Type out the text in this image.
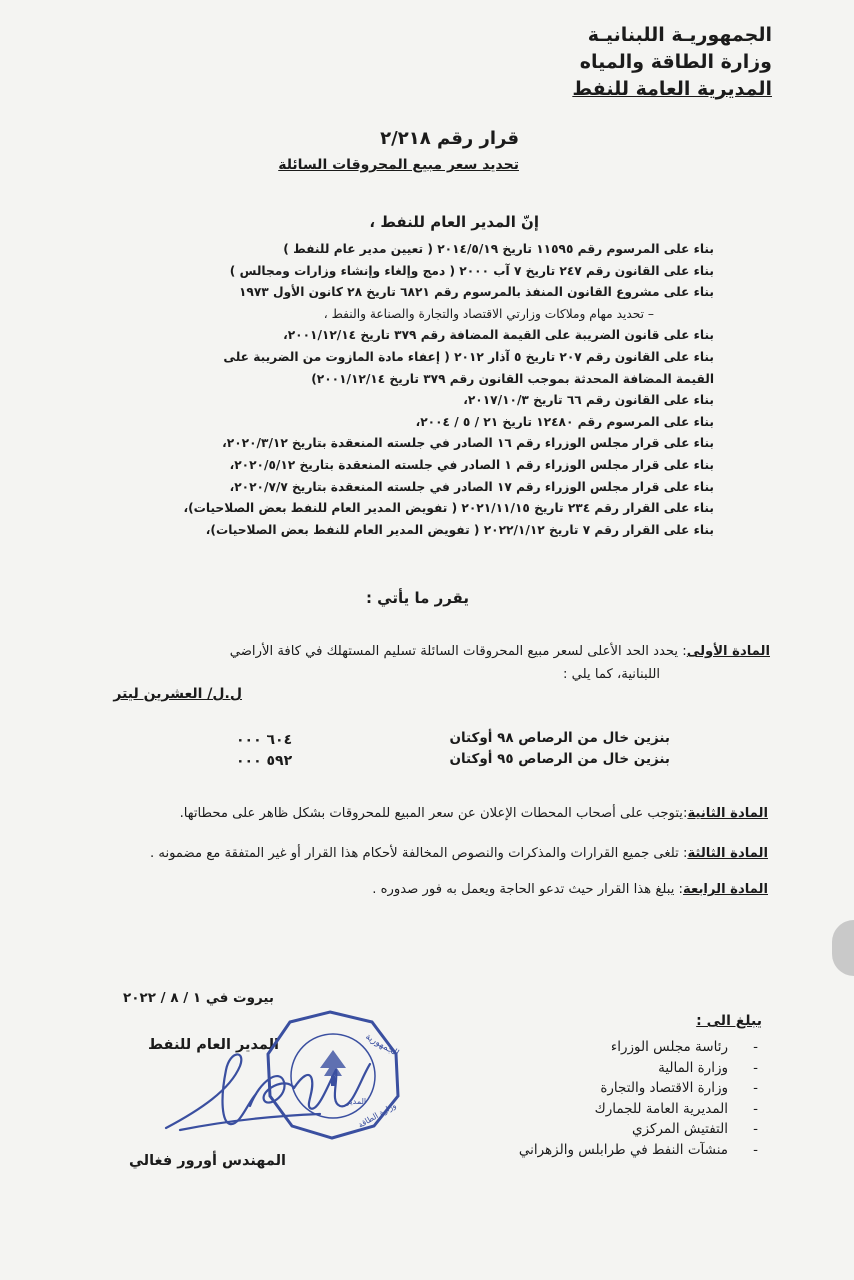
الجمهوريـة اللبنانيـة
وزارة الطاقة والمياه
المديرية العامة للنفط
قرار رقم ٢/٢١٨
تحديد سعر مبيع المحروقات السائلة
إنّ المدير العام للنفط ،
بناء على المرسوم رقم ١١٥٩٥ تاريخ ٢٠١٤/٥/١٩ ( تعيين مدير عام للنفط )
بناء على القانون رقم ٢٤٧ تاريخ ٧ آب ٢٠٠٠ ( دمج وإلغاء وإنشاء وزارات ومجالس )
بناء على مشروع القانون المنفذ بالمرسوم رقم ٦٨٢١ تاريخ ٢٨ كانون الأول ١٩٧٣
– تحديد مهام وملاكات وزارتي الاقتصاد والتجارة والصناعة والنفط ،
بناء على قانون الضريبة على القيمة المضافة رقم ٣٧٩ تاريخ ٢٠٠١/١٢/١٤،
بناء على القانون رقم ٢٠٧ تاريخ ٥ آذار ٢٠١٢ ( إعفاء مادة المازوت من الضريبة على
القيمة المضافة المحدثة بموجب القانون رقم ٣٧٩ تاريخ ٢٠٠١/١٢/١٤)
بناء على القانون رقم ٦٦ تاريخ ٢٠١٧/١٠/٣،
بناء على المرسوم رقم ١٢٤٨٠ تاريخ ٢١ / ٥ / ٢٠٠٤،
بناء على قرار مجلس الوزراء رقم ١٦ الصادر في جلسته المنعقدة بتاريخ ٢٠٢٠/٣/١٢،
بناء على قرار مجلس الوزراء رقم ١ الصادر في جلسته المنعقدة بتاريخ ٢٠٢٠/٥/١٢،
بناء على قرار مجلس الوزراء رقم ١٧ الصادر في جلسته المنعقدة بتاريخ ٢٠٢٠/٧/٧،
بناء على القرار رقم ٢٣٤ تاريخ ٢٠٢١/١١/١٥ ( تفويض المدير العام للنفط بعض الصلاحيات)،
بناء على القرار رقم ٧ تاريخ ٢٠٢٢/١/١٢ ( تفويض المدير العام للنفط بعض الصلاحيات)،
يقرر ما يأتي :
المادة الأولى: يحدد الحد الأعلى لسعر مبيع المحروقات السائلة تسليم المستهلك في كافة الأراضي
اللبنانية، كما يلي :
ل.ل/ العشرين ليتر
بنزين خال من الرصاص ٩٨ أوكتان
٦٠٤ ٠٠٠
بنزين خال من الرصاص ٩٥ أوكتان
٥٩٢ ٠٠٠
المادة الثانية:يتوجب على أصحاب المحطات الإعلان عن سعر المبيع للمحروقات بشكل ظاهر على محطاتها.
المادة الثالثة: تلغى جميع القرارات والمذكرات والنصوص المخالفة لأحكام هذا القرار أو غير المتفقة مع مضمونه .
المادة الرابعة: يبلغ هذا القرار حيث تدعو الحاجة ويعمل به فور صدوره .
بيروت في ١ / ٨ / ٢٠٢٢
المدير العام للنفط	الجمهورية
المدير
وزارة الطاقة
المهندس أورور فغالي
يبلغ الى :
- رئاسة مجلس الوزراء
- وزارة المالية
- وزارة الاقتصاد والتجارة
- المديرية العامة للجمارك
- التفتيش المركزي
- منشآت النفط في طرابلس والزهراني
